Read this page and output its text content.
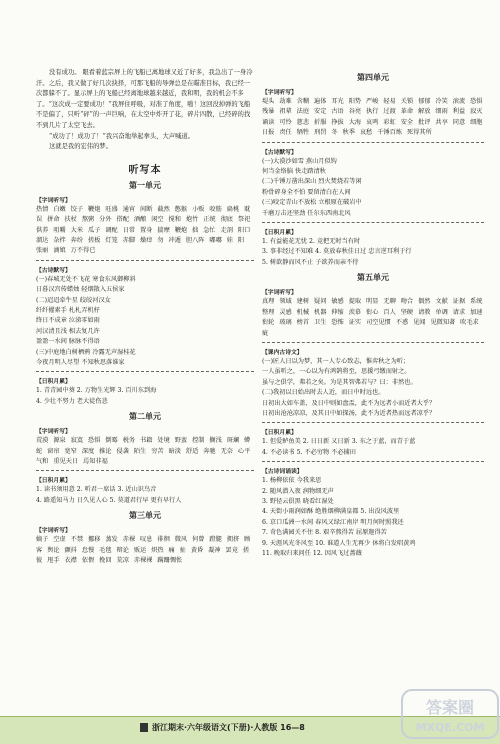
没有成功。 眼看着蓝宗屏上的飞船已离地球又近了好多，我急出了一身冷汗。之后，我又做了好几次抉择，可那飞船的导弹总是在瞄准目标，我已经一次都躲不了。显示屏上的飞船已经离地球越来越近，我和明，我的机会不多了。“这次成一定要成功！”我屏住呼吸，对准了角度，啪！这回没掉弹的飞船不是偏了，只听“砰”的一声巨响，在太空中炸开了花，碎片四散，已经碎的找不到几片了太空飞去。

“成功了！成功了！”我兴奋地举起拳头，大声喊道。

这就是我的宏伟的梦。

听写本
第一单元
【字词听写】

热情 白嫩 饺子 鞭炮 旺盛 通宵 间断 截然 憋猴 小贩 咬筋 扁桃 耽误 拼命 扶杖 熬粥 分外 搭配 酒酿 闲空 搅和 炮竹 正统 彻底 祭祀 供养 咀嚼 大米 瓜子 调配 日常 置身 揣摩 鞭炮 拙 急忙 走剖 阳口 溜达 杂拌 奔纷 搓板 灯笼 赤脚 燥痒 勿 冲遁 胆八阵 嘟嘟 娃 阳 张丽 滴娘 万不得已

【古诗默写】

(一)春城无处不飞花 寒食东风御柳斜

日暮汉宫传蜡烛 轻烟散入五侯家

(二)迢迢牵牛星 皎皎河汉女

纤纤擢素手 札札弄机杼

终日不成章 泣涕零如雨

河汉清且浅 相去复几许

盈盈一水间 脉脉不得语

(三)中庭地白树栖鸦 冷露无声湿桂花

今夜月明人尽望 不知秋思落谁家

【日积月累】

1. 青青园中葵 2. 万物生光辉 3. 百川东到海

4. 少壮不努力 老大徒伤悲

第二单元
【字词听写】

荒漠 源泉 寂寞 恐惧 倒霉 税务 书籍 处境 野蛮 控制 搁浅 斑斓 蟒蛇 窗帘 宽窄 深度 推论 侵袭 陌生 穷苦 暗淡 舒适 奔驰 无奈 心平气和 重见天日 焉知非福

【日积月累】

1. 读书须用意 2. 听君一席话 3. 近山识鸟音

4. 路遥知马力 日久见人心 5. 莫道君行早 更有早行人

第三单元
【字词听写】

嫡子 空虚 不禁 挪移 蒸发 赤裸 叹息 徘徊 微风 何曾 蹬腿 拥挤 顾客 舆论 颤抖 怠慢 毛毯 辩论 贩运 炽热 痛 扯 黄昏 凝神 罢竟 搓 彼 甩手 衣襟 依偎 挽回 荒凉 赤裸裸 蹒跚惆怅

第四单元
【字词听写】

堤头 劫难 含糊 遍体 耳光 阳势 严峻 轻易 关锁 郁郁 冷笑 滚流 恐惧 残暴 祖辈 法庭 安定 古语 谷亮 执行 过渡 革命 解放 细雨 利益 寂灭 诵读 可怜 慈悲 折服 挣拔 大海 哀鸣 彩虹 安全 批评 共享 同意 细胞 日报 责任 牺牲 刑罚 冬 秋季 哀愁 千锤百炼 死得其所

【古诗默写】

(一)大漠沙如雪 燕山月似钩

何当金络脑 快走踏清秋

(二)千锤万凿出深山 烈火焚烧若等闲

粉骨碎身全不怕 要留清白在人间

(三)咬定青山不放松 立根原在破岩中

千磨万击还坚劲 任尔东西南北风

【日积月累】

1. 有益能花无忧 2. 竞把无时当有时

3. 事非经过不知难 4. 莫放春秋佳日过 忠言逆耳利于行

5. 树欲静而风不止 子欲养而亲不待

第五单元
【字词听写】

真理 领域 建树 疑问 敏感 提取 明显 无聊 吻合 偶然 文献 证据 系统 整理 灵感 机械 机器 伸缩 羡慕 衔心 百人 坚硬 请教 单调 请求 加速 衔轮 玻璃 榜首 卫生 恐怖 证实 司空见惯 不惑 见闻 见微知著 吹毛求疵

【课内古诗文】

(一)匠人日以为梦，其一人专心致志，惟弈秋之为听；

一人虽听之，一心以为有鸿鹄将至，思援弓缴而射之。

虽与之俱学，弗若之矣。为是其智弗若与？曰：非然也。

(二)我初以日始出时去人近，而日中时远也。

日初出大如车盖，及日中则如盘盂，此不为远者小而近者大乎？

日初出沧沧凉凉，及其日中如探汤，此不为近者热而远者凉乎？

【日积月累】

1. 但爱鲈鱼美 2. 日日新 又日新 3. 东之于蓝，而青于蓝

4. 不必读书 5. 不必穷物 不必捕田

【古诗词诵读】

1. 杨柳依依 今我来思

2. 随风潜入夜 润物细无声

3. 野径云俱黑 晓看红湿处

4. 天街小雨润如酥 绝胜烟柳满皇都 5. 出没风波里

6. 京口瓜洲一水间 春风又绿江南岸 明月何时照我还

7. 奇色满园关不住 8. 艰辛熬得苦 屈原迦得苦

9. 天涯风光冬风至 10. 谁道人生无再少 休将白发唱黄鸡

11. 晚取归来问任 12. 因风飞过蔷薇

浙江期末·六年级语文(下册)·人教版 16—8
答案圈
MXQE.COM
